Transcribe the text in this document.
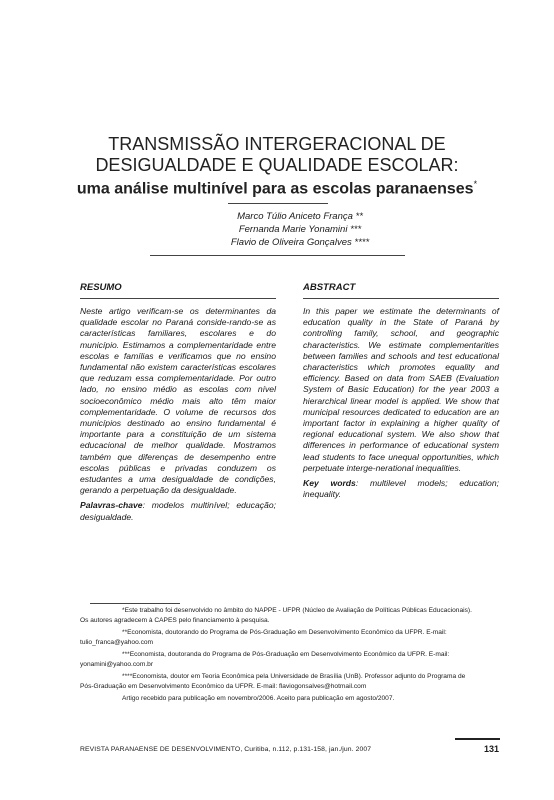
TRANSMISSÃO INTERGERACIONAL DE
DESIGUALDADE E QUALIDADE ESCOLAR:
uma análise multinível para as escolas paranaenses*
Marco Túlio Aniceto França **
Fernanda Marie Yonamini ***
Flavio de Oliveira Gonçalves ****
RESUMO
Neste artigo verificam-se os determinantes da qualidade escolar no Paraná conside-rando-se as características familiares, escolares e do município. Estimamos a complementaridade entre escolas e famílias e verificamos que no ensino fundamental não existem características escolares que reduzam essa complementaridade. Por outro lado, no ensino médio as escolas com nível socioeconômico médio mais alto têm maior complementaridade. O volume de recursos dos municípios destinado ao ensino fundamental é importante para a constituição de um sistema educacional de melhor qualidade. Mostramos também que diferenças de desempenho entre escolas públicas e privadas conduzem os estudantes a uma desigualdade de condições, gerando a perpetuação da desigualdade.
Palavras-chave: modelos multinível; educação; desigualdade.
ABSTRACT
In this paper we estimate the determinants of education quality in the State of Paraná by controlling family, school, and geographic characteristics. We estimate complementarities between families and schools and test educational characteristics which promotes equality and efficiency. Based on data from SAEB (Evaluation System of Basic Education) for the year 2003 a hierarchical linear model is applied. We show that municipal resources dedicated to education are an important factor in explaining a higher quality of regional educational system. We also show that differences in performance of educational system lead students to face unequal opportunities, which perpetuate interge-nerational inequalities.
Key words: multilevel models; education; inequality.

*Este trabalho foi desenvolvido no âmbito do NAPPE - UFPR (Núcleo de Avaliação de Políticas Públicas Educacionais). Os autores agradecem à CAPES pelo financiamento à pesquisa.

**Economista, doutorando do Programa de Pós-Graduação em Desenvolvimento Econômico da UFPR. E-mail: tulio_franca@yahoo.com

***Economista, doutoranda do Programa de Pós-Graduação em Desenvolvimento Econômico da UFPR. E-mail: yonamini@yahoo.com.br

****Economista, doutor em Teoria Econômica pela Universidade de Brasília (UnB). Professor adjunto do Programa de Pós-Graduação em Desenvolvimento Econômico da UFPR. E-mail: flaviogonsalves@hotmail.com

Artigo recebido para publicação em novembro/2006. Aceito para publicação em agosto/2007.

REVISTA PARANAENSE DE DESENVOLVIMENTO, Curitiba, n.112, p.131-158, jan./jun. 2007	131
